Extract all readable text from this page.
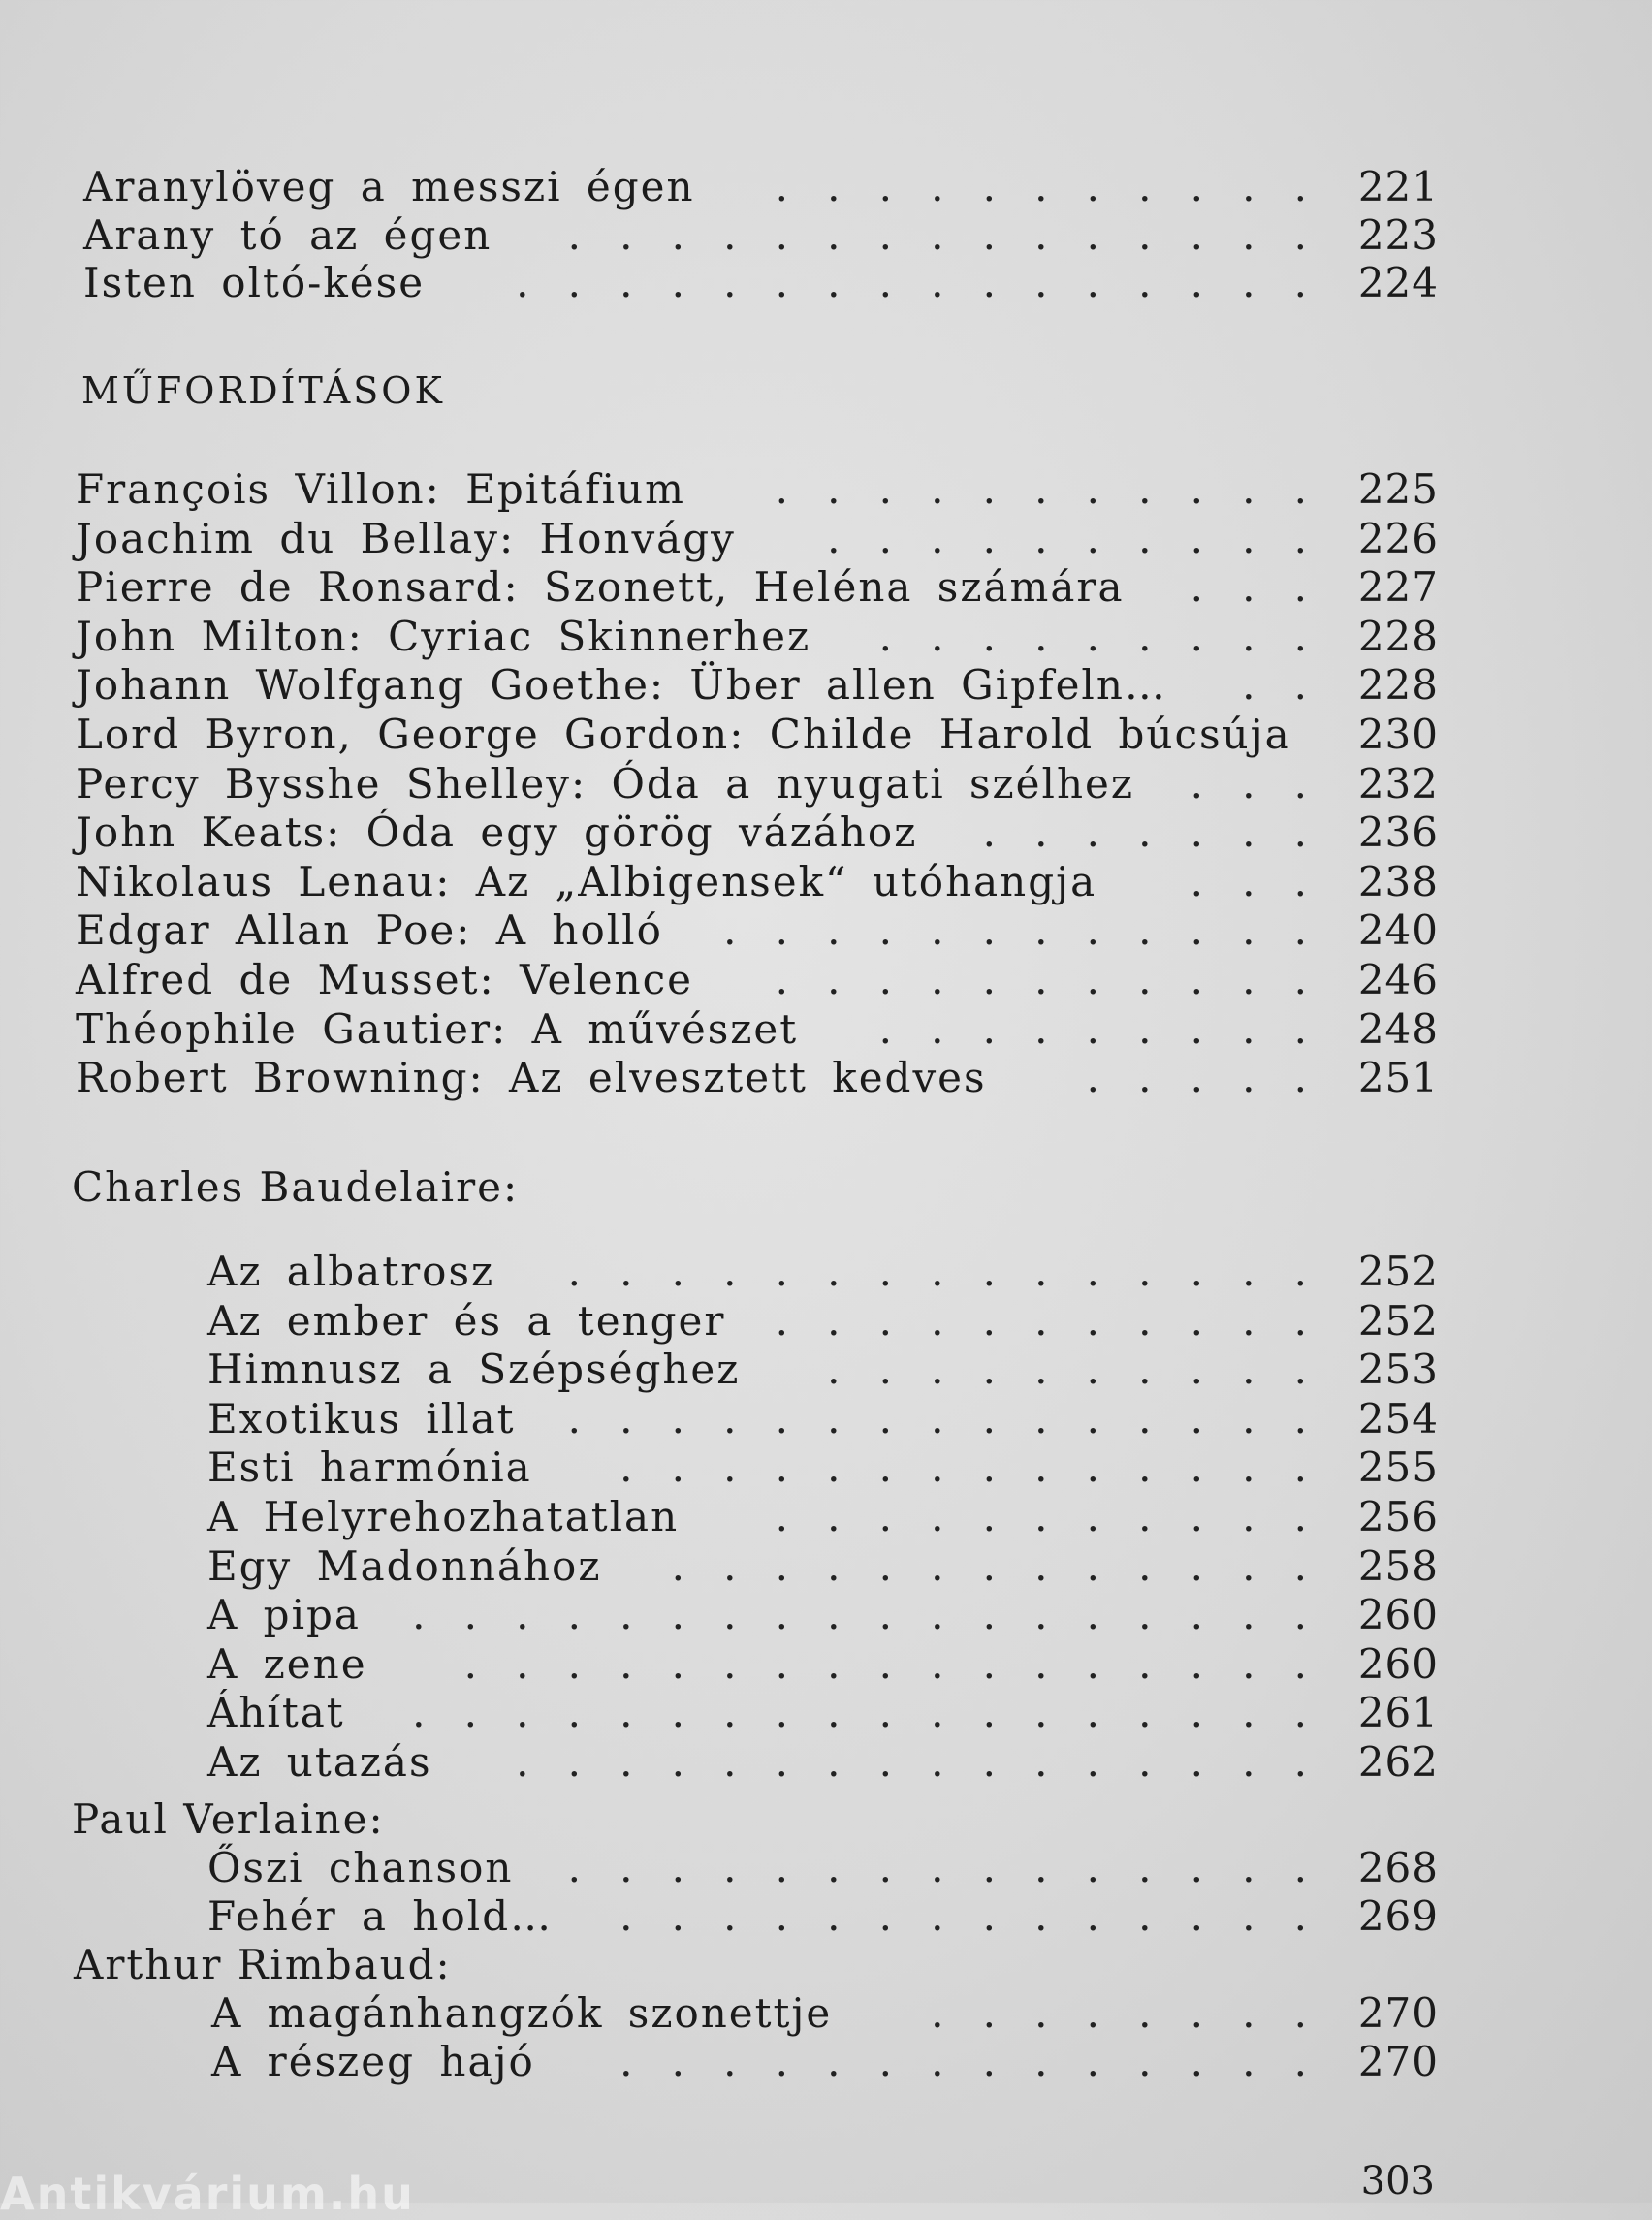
Aranylöveg a messzi égen	. . . . . . . . . . .	221
Arany tó az égen	. . . . . . . . . . . . . . .	223
Isten oltó-kése	. . . . . . . . . . . . . . . .	224
MŰFORDÍTÁSOK
François Villon: Epitáfium	. . . . . . . . . . .	225
Joachim du Bellay: Honvágy	. . . . . . . . . .	226
Pierre de Ronsard: Szonett, Heléna számára	. . .	227
John Milton: Cyriac Skinnerhez	. . . . . . . . .	228
Johann Wolfgang Goethe: Über allen Gipfeln…	. .	228
Lord Byron, George Gordon: Childe Harold búcsúja 230
Percy Bysshe Shelley: Óda a nyugati szélhez	. . .	232
John Keats: Óda egy görög vázához	. . . . . . .	236
Nikolaus Lenau: Az „Albigensek“ utóhangja	. . .	238
Edgar Allan Poe: A holló	. . . . . . . . . . . .	240
Alfred de Musset: Velence	. . . . . . . . . . .	246
Théophile Gautier: A művészet	. . . . . . . . .	248
Robert Browning: Az elvesztett kedves	. . . . .	251
Charles Baudelaire:
Az albatrosz	. . . . . . . . . . . . . . .	252
Az ember és a tenger	. . . . . . . . . . .	252
Himnusz a Szépséghez	. . . . . . . . . .	253
Exotikus illat	. . . . . . . . . . . . . . .	254
Esti harmónia	. . . . . . . . . . . . . .	255
A Helyrehozhatatlan	. . . . . . . . . . .	256
Egy Madonnához	. . . . . . . . . . . . .	258
A pipa	. . . . . . . . . . . . . . . . . .	260
A zene	. . . . . . . . . . . . . . . . .	260
Áhítat	. . . . . . . . . . . . . . . . . .	261
Az utazás	. . . . . . . . . . . . . . . .	262
Paul Verlaine:
Őszi chanson	. . . . . . . . . . . . . . .	268
Fehér a hold…	. . . . . . . . . . . . . .	269
Arthur Rimbaud:
A magánhangzók szonettje	. . . . . . . .	270
A részeg hajó	. . . . . . . . . . . . . .	270
303
Antikvárium.hu
